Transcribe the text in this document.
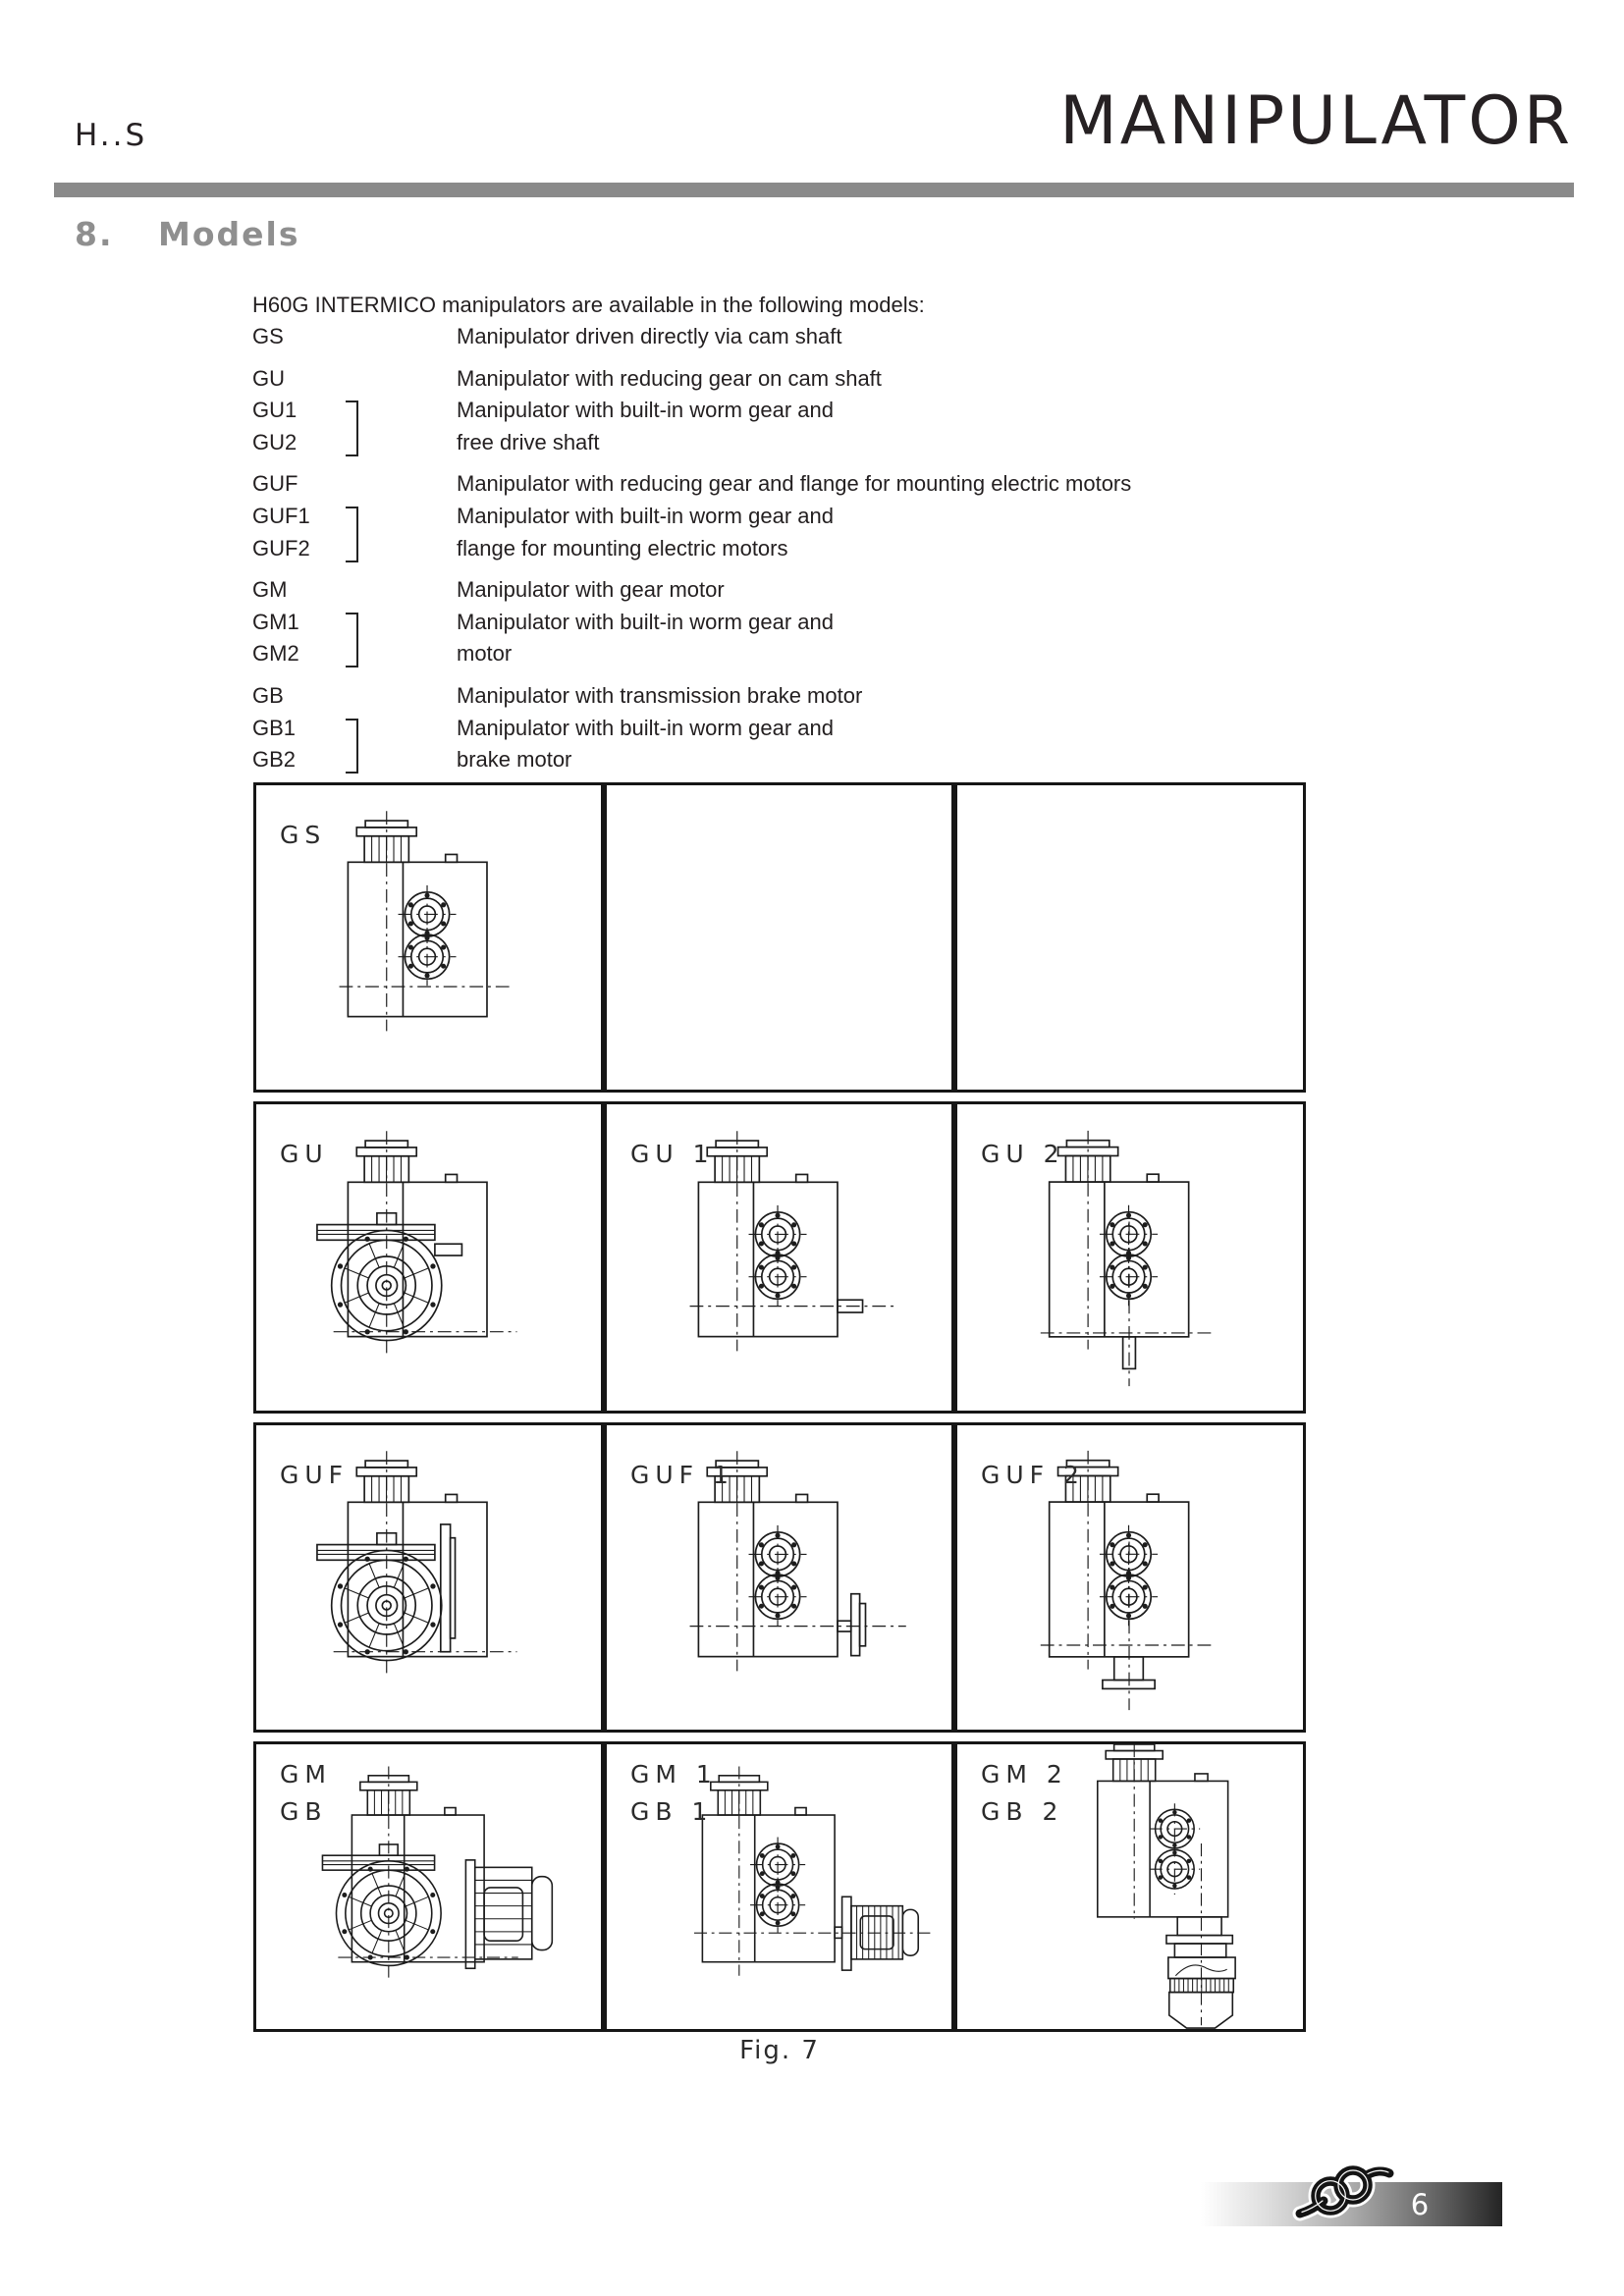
H..S	MANIPULATOR
8.	Models
H60G INTERMICO manipulators are available in the following models:
GS	Manipulator driven directly via cam shaft
GU	Manipulator with reducing gear on cam shaft
GU1	Manipulator with built-in worm gear and
GU2	free drive shaft
GUF	Manipulator with reducing gear and flange for mounting electric motors
GUF1	Manipulator with built-in worm gear and
GUF2	flange for mounting electric motors
GM	Manipulator with gear motor
GM1	Manipulator with built-in worm gear and
GM2	motor
GB	Manipulator with transmission brake motor
GB1	Manipulator with built-in worm gear and
GB2	brake motor
GS
GU	GU 1	GU 2
GUF	GUF 1	GUF 2
GM
GB
GM 1
GB 1
GM 2
GB 2
Fig. 7
6
